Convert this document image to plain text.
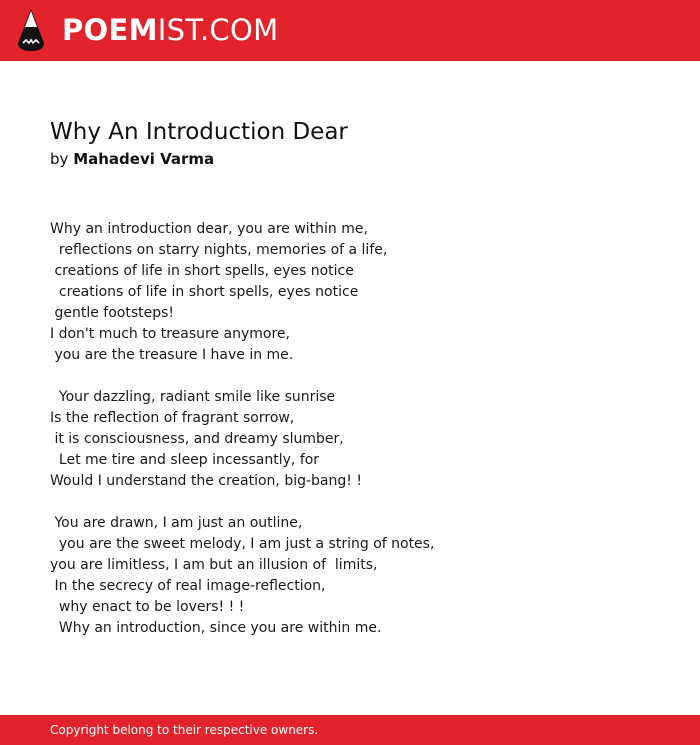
POEMIST.COM
Why An Introduction Dear
by Mahadevi Varma
Why an introduction dear, you are within me,
reflections on starry nights, memories of a life,
creations of life in short spells, eyes notice
creations of life in short spells, eyes notice
gentle footsteps!
I don't much to treasure anymore,
you are the treasure I have in me.

Your dazzling, radiant smile like sunrise
Is the reflection of fragrant sorrow,
it is consciousness, and dreamy slumber,
Let me tire and sleep incessantly, for
Would I understand the creation, big-bang! !

You are drawn, I am just an outline,
you are the sweet melody, I am just a string of notes,
you are limitless, I am but an illusion of  limits,
In the secrecy of real image-reflection,
why enact to be lovers! ! !
Why an introduction, since you are within me.
Copyright belong to their respective owners.
